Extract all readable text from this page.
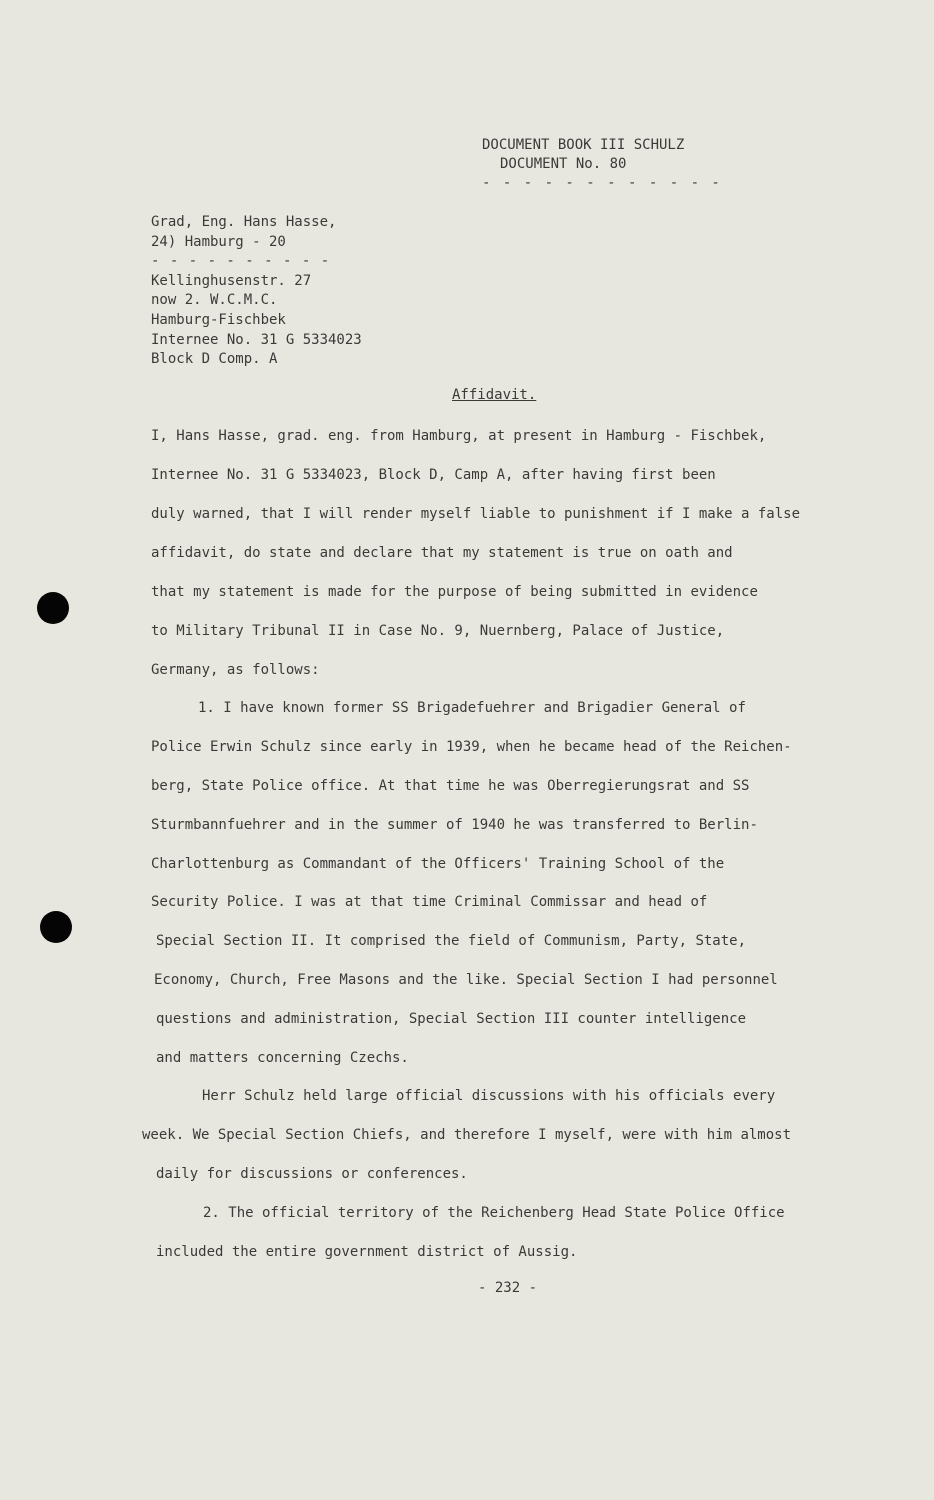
DOCUMENT BOOK III SCHULZ
DOCUMENT No. 80
- - - - - - - - - - - -
Grad, Eng. Hans Hasse,
24) Hamburg - 20
- - - - - - - - - -
Kellinghusenstr. 27
now 2. W.C.M.C.
Hamburg-Fischbek
Internee No. 31 G 5334023
Block D Comp. A
Affidavit.
I, Hans Hasse, grad. eng. from Hamburg, at present in Hamburg - Fischbek,
Internee No. 31 G 5334023, Block D, Camp A, after having first been
duly warned, that I will render myself liable to punishment if I make a false
affidavit, do state and declare that my statement is true on oath and
that my statement is made for the purpose of being submitted in evidence
to Military Tribunal II in Case No. 9, Nuernberg, Palace of Justice,
Germany, as follows:
1. I have known former SS Brigadefuehrer and Brigadier General of
Police Erwin Schulz since early in 1939, when he became head of the Reichen-
berg, State Police office. At that time he was Oberregierungsrat and SS
Sturmbannfuehrer and in the summer of 1940 he was transferred to Berlin-
Charlottenburg as Commandant of the Officers' Training School of the
Security Police. I was at that time Criminal Commissar and head of
Special Section II. It comprised the field of Communism, Party, State,
Economy, Church, Free Masons and the like. Special Section I had personnel
questions and administration, Special Section III counter intelligence
and matters concerning Czechs.
Herr Schulz held large official discussions with his officials every
week. We Special Section Chiefs, and therefore I myself, were with him almost
daily for discussions or conferences.
2. The official territory of the Reichenberg Head State Police Office
included the entire government district of Aussig.
- 232 -
